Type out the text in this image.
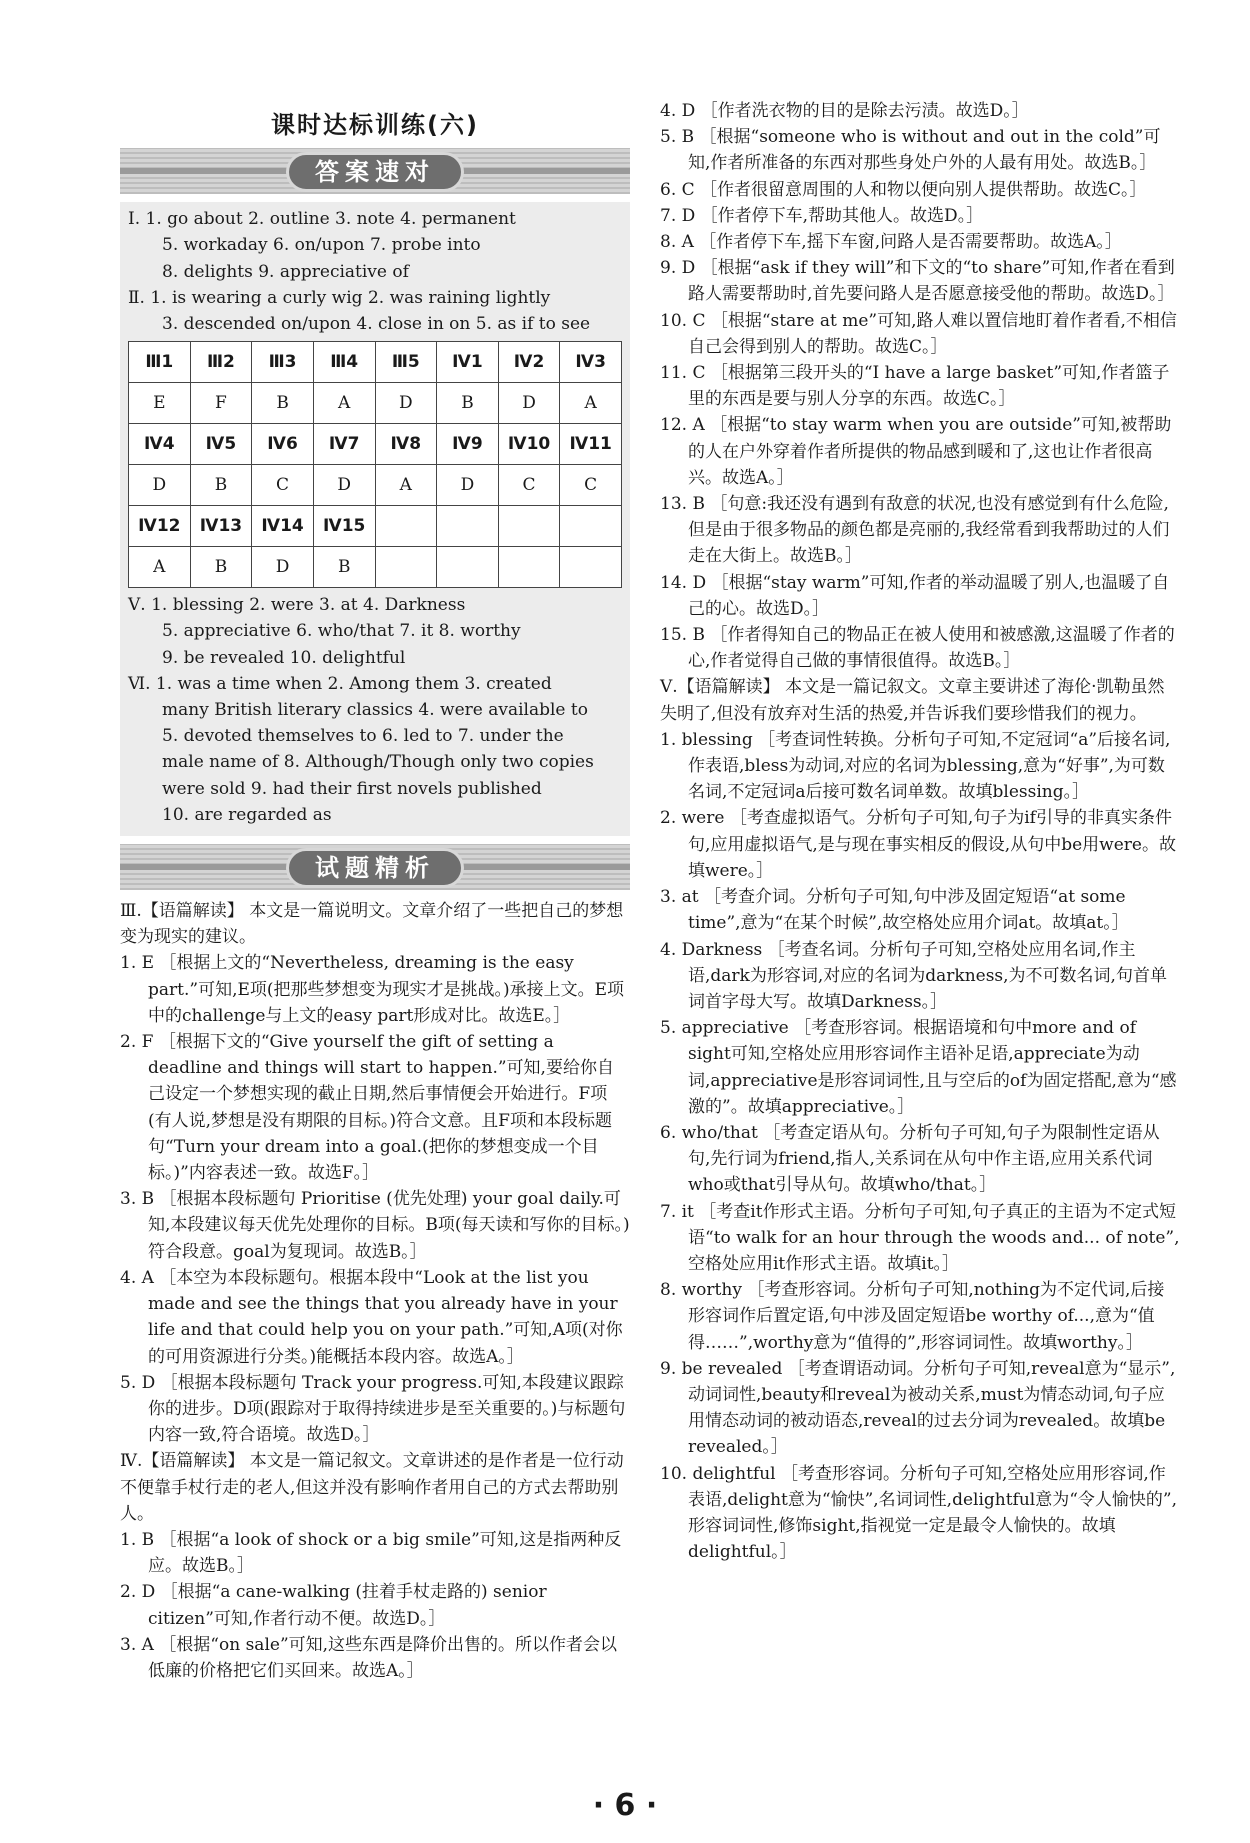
课时达标训练(六)
答案速对
Ⅰ. 1. go about 2. outline 3. note 4. permanent
5. workaday 6. on/upon 7. probe into
8. delights 9. appreciative of
Ⅱ. 1. is wearing a curly wig 2. was raining lightly
3. descended on/upon 4. close in on 5. as if to see
Ⅲ1	Ⅲ2	Ⅲ3	Ⅲ4	Ⅲ5	Ⅳ1	Ⅳ2	Ⅳ3
E	F	B	A	D	B	D	A
Ⅳ4	Ⅳ5	Ⅳ6	Ⅳ7	Ⅳ8	Ⅳ9	Ⅳ10	Ⅳ11
D	B	C	D	A	D	C	C
Ⅳ12	Ⅳ13	Ⅳ14	Ⅳ15				
A	B	D	B				
Ⅴ. 1. blessing 2. were 3. at 4. Darkness
5. appreciative 6. who/that 7. it 8. worthy
9. be revealed 10. delightful
Ⅵ. 1. was a time when 2. Among them 3. created
many British literary classics 4. were available to
5. devoted themselves to 6. led to 7. under the
male name of 8. Although/Though only two copies
were sold 9. had their first novels published
10. are regarded as
试题精析
Ⅲ.【语篇解读】 本文是一篇说明文。文章介绍了一些把自己的梦想变为现实的建议。
1. E ［根据上文的“Nevertheless, dreaming is the easy part.”可知,E项(把那些梦想变为现实才是挑战。)承接上文。E项中的challenge与上文的easy part形成对比。故选E。］
2. F ［根据下文的“Give yourself the gift of setting a deadline and things will start to happen.”可知,要给你自己设定一个梦想实现的截止日期,然后事情便会开始进行。F项(有人说,梦想是没有期限的目标。)符合文意。且F项和本段标题句“Turn your dream into a goal.(把你的梦想变成一个目标。)”内容表述一致。故选F。］
3. B ［根据本段标题句 Prioritise (优先处理) your goal daily.可知,本段建议每天优先处理你的目标。B项(每天读和写你的目标。)符合段意。goal为复现词。故选B。］
4. A ［本空为本段标题句。根据本段中“Look at the list you made and see the things that you already have in your life and that could help you on your path.”可知,A项(对你的可用资源进行分类。)能概括本段内容。故选A。］
5. D ［根据本段标题句 Track your progress.可知,本段建议跟踪你的进步。D项(跟踪对于取得持续进步是至关重要的。)与标题句内容一致,符合语境。故选D。］
Ⅳ.【语篇解读】 本文是一篇记叙文。文章讲述的是作者是一位行动不便靠手杖行走的老人,但这并没有影响作者用自己的方式去帮助别人。
1. B ［根据“a look of shock or a big smile”可知,这是指两种反应。故选B。］
2. D ［根据“a cane-walking (拄着手杖走路的) senior citizen”可知,作者行动不便。故选D。］
3. A ［根据“on sale”可知,这些东西是降价出售的。所以作者会以低廉的价格把它们买回来。故选A。］
4. D ［作者洗衣物的目的是除去污渍。故选D。］
5. B ［根据“someone who is without and out in the cold”可知,作者所准备的东西对那些身处户外的人最有用处。故选B。］
6. C ［作者很留意周围的人和物以便向别人提供帮助。故选C。］
7. D ［作者停下车,帮助其他人。故选D。］
8. A ［作者停下车,摇下车窗,问路人是否需要帮助。故选A。］
9. D ［根据“ask if they will”和下文的“to share”可知,作者在看到路人需要帮助时,首先要问路人是否愿意接受他的帮助。故选D。］
10. C ［根据“stare at me”可知,路人难以置信地盯着作者看,不相信自己会得到别人的帮助。故选C。］
11. C ［根据第三段开头的“I have a large basket”可知,作者篮子里的东西是要与别人分享的东西。故选C。］
12. A ［根据“to stay warm when you are outside”可知,被帮助的人在户外穿着作者所提供的物品感到暖和了,这也让作者很高兴。故选A。］
13. B ［句意:我还没有遇到有敌意的状况,也没有感觉到有什么危险,但是由于很多物品的颜色都是亮丽的,我经常看到我帮助过的人们走在大街上。故选B。］
14. D ［根据“stay warm”可知,作者的举动温暖了别人,也温暖了自己的心。故选D。］
15. B ［作者得知自己的物品正在被人使用和被感激,这温暖了作者的心,作者觉得自己做的事情很值得。故选B。］
Ⅴ.【语篇解读】 本文是一篇记叙文。文章主要讲述了海伦·凯勒虽然失明了,但没有放弃对生活的热爱,并告诉我们要珍惜我们的视力。
1. blessing ［考查词性转换。分析句子可知,不定冠词“a”后接名词,作表语,bless为动词,对应的名词为blessing,意为“好事”,为可数名词,不定冠词a后接可数名词单数。故填blessing。］
2. were ［考查虚拟语气。分析句子可知,句子为if引导的非真实条件句,应用虚拟语气,是与现在事实相反的假设,从句中be用were。故填were。］
3. at ［考查介词。分析句子可知,句中涉及固定短语“at some time”,意为“在某个时候”,故空格处应用介词at。故填at。］
4. Darkness ［考查名词。分析句子可知,空格处应用名词,作主语,dark为形容词,对应的名词为darkness,为不可数名词,句首单词首字母大写。故填Darkness。］
5. appreciative ［考查形容词。根据语境和句中more and of sight可知,空格处应用形容词作主语补足语,appreciate为动词,appreciative是形容词词性,且与空后的of为固定搭配,意为“感激的”。故填appreciative。］
6. who/that ［考查定语从句。分析句子可知,句子为限制性定语从句,先行词为friend,指人,关系词在从句中作主语,应用关系代词who或that引导从句。故填who/that。］
7. it ［考查it作形式主语。分析句子可知,句子真正的主语为不定式短语“to walk for an hour through the woods and... of note”,空格处应用it作形式主语。故填it。］
8. worthy ［考查形容词。分析句子可知,nothing为不定代词,后接形容词作后置定语,句中涉及固定短语be worthy of...,意为“值得……”,worthy意为“值得的”,形容词词性。故填worthy。］
9. be revealed ［考查谓语动词。分析句子可知,reveal意为“显示”,动词词性,beauty和reveal为被动关系,must为情态动词,句子应用情态动词的被动语态,reveal的过去分词为revealed。故填be revealed。］
10. delightful ［考查形容词。分析句子可知,空格处应用形容词,作表语,delight意为“愉快”,名词词性,delightful意为“令人愉快的”,形容词词性,修饰sight,指视觉一定是最令人愉快的。故填delightful。］
· 6 ·
